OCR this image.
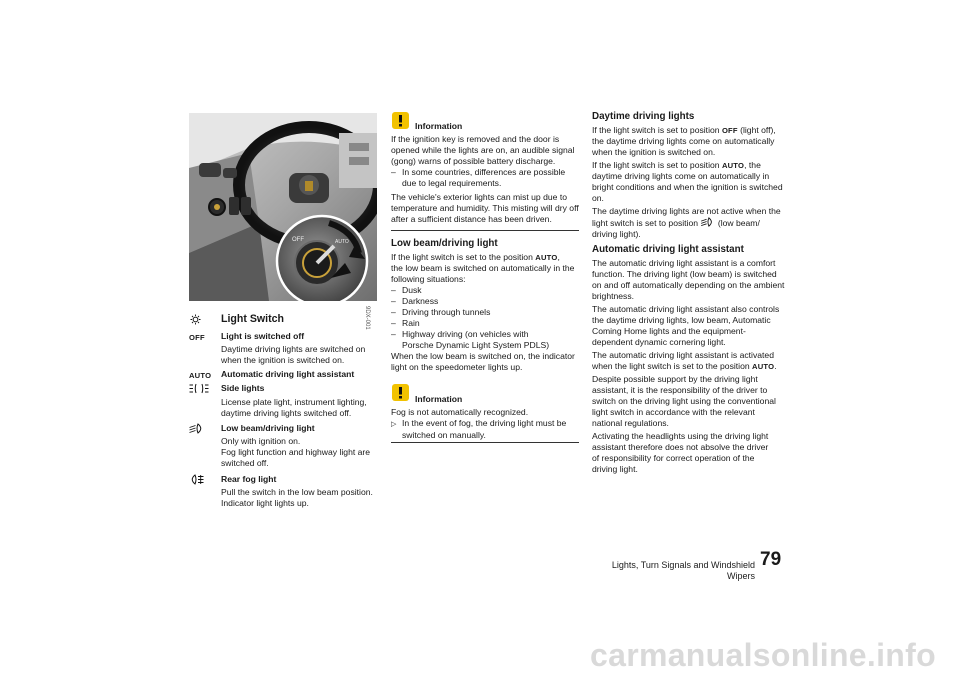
OFF	AUTO
9DX-001
Light Switch
OFF Light is switched off

Daytime driving lights are switched on

when the ignition is switched on.

AUTO Automatic driving light assistant
Side lights

License plate light, instrument lighting,

daytime driving lights switched off.

Low beam/driving light

Only with ignition on.

Fog light function and highway light are

switched off.

Rear fog light

Pull the switch in the low beam position.

Indicator light lights up.

Information

If the ignition key is removed and the door is

opened while the lights are on, an audible signal

(gong) warns of possible battery discharge.

– In some countries, differences are possible

due to legal requirements.

The vehicle's exterior lights can mist up due to

temperature and humidity. This misting will dry off

after a sufficient distance has been driven.

Low beam/driving light

If the light switch is set to the position AUTO,

the low beam is switched on automatically in the

following situations:

– Dusk

– Darkness

– Driving through tunnels

– Rain

– Highway driving (on vehicles with

Porsche Dynamic Light System PDLS)

When the low beam is switched on, the indicator

light on the speedometer lights up.

Information

Fog is not automatically recognized.

▷ In the event of fog, the driving light must be

switched on manually.

Daytime driving lights

If the light switch is set to position OFF (light off),

the daytime driving lights come on automatically

when the ignition is switched on.

If the light switch is set to position AUTO, the

daytime driving lights come on automatically in

bright conditions and when the ignition is switched

on.

The daytime driving lights are not active when the

light switch is set to position (low beam/

driving light).

Automatic driving light assistant

The automatic driving light assistant is a comfort

function. The driving light (low beam) is switched

on and off automatically depending on the ambient

brightness.

The automatic driving light assistant also controls

the daytime driving lights, low beam, Automatic

Coming Home lights and the equipment-

dependent dynamic cornering light.

The automatic driving light assistant is activated

when the light switch is set to the position AUTO.

Despite possible support by the driving light

assistant, it is the responsibility of the driver to

switch on the driving light using the conventional

light switch in accordance with the relevant

national regulations.

Activating the headlights using the driving light

assistant therefore does not absolve the driver

of responsibility for correct operation of the

driving light.

Lights, Turn Signals and Windshield Wipers
79
carmanualsonline.info
